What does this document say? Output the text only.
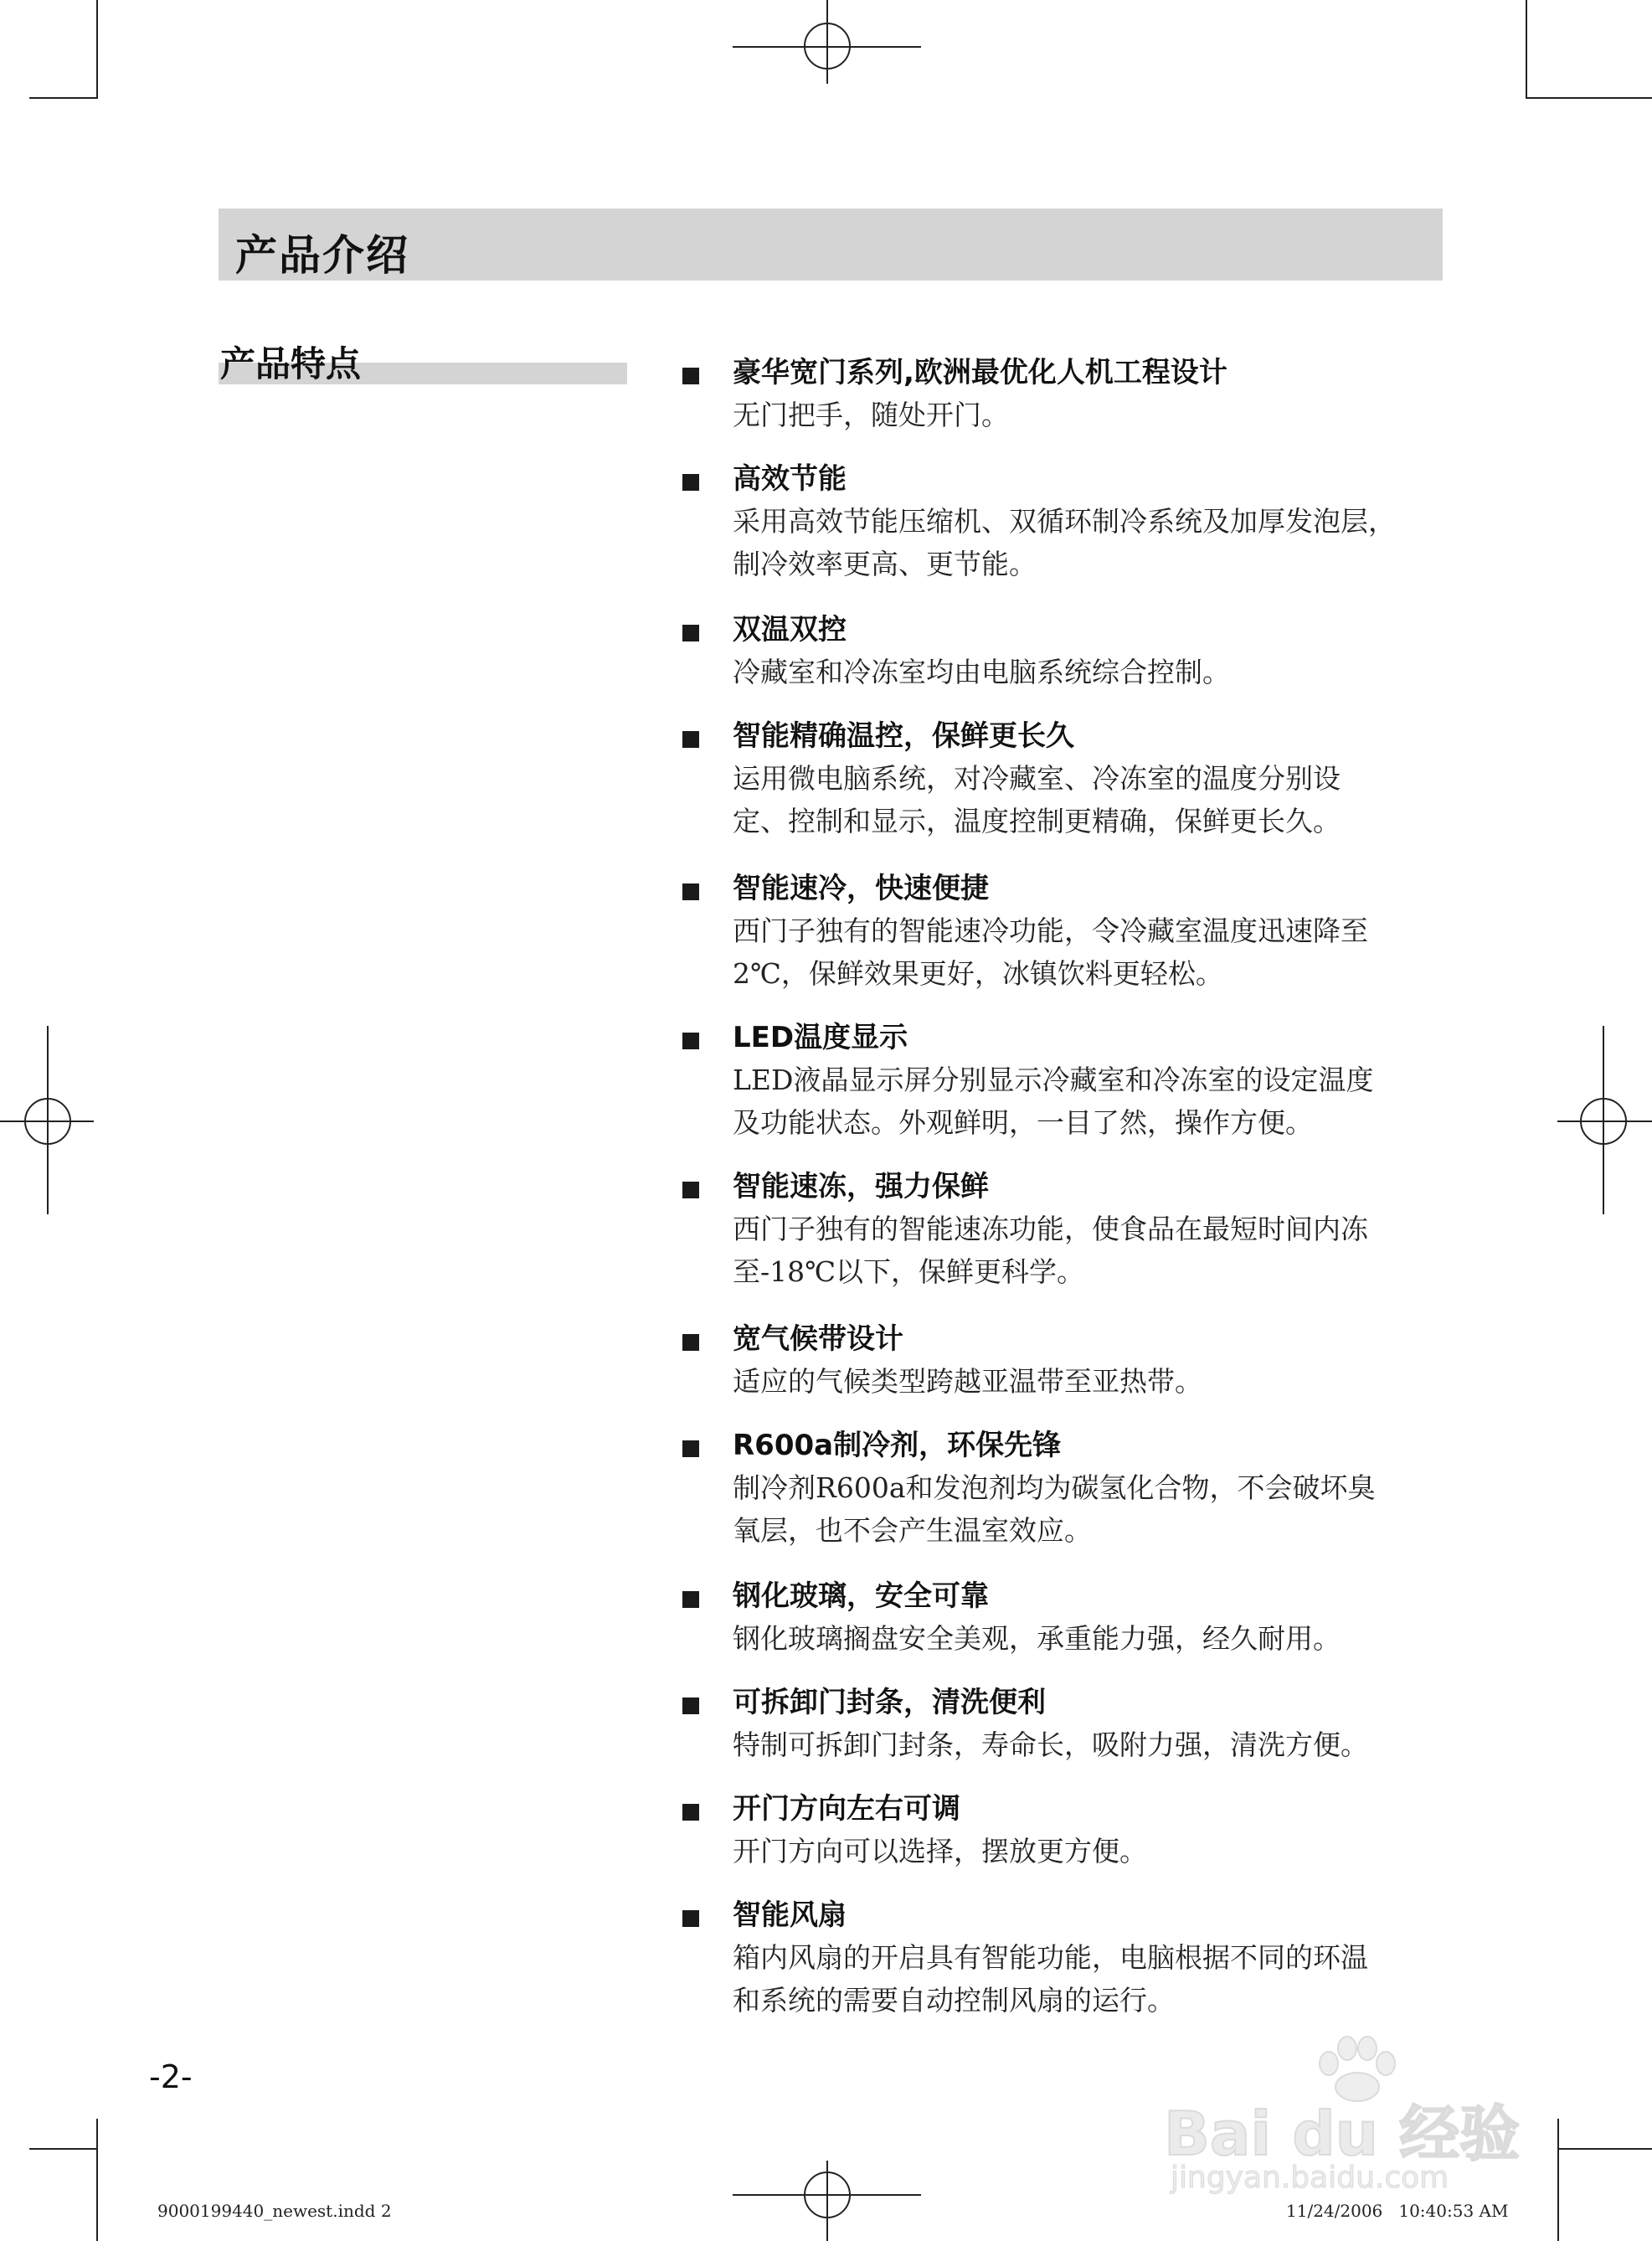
产品介绍
产品特点	豪华宽门系列,欧洲最优化人机工程设计
无门把手，随处开门。
高效节能
采用高效节能压缩机、双循环制冷系统及加厚发泡层，
制冷效率更高、更节能。
双温双控
冷藏室和冷冻室均由电脑系统综合控制。
智能精确温控，保鲜更长久
运用微电脑系统，对冷藏室、冷冻室的温度分别设
定、控制和显示，温度控制更精确，保鲜更长久。
智能速冷，快速便捷
西门子独有的智能速冷功能，令冷藏室温度迅速降至
2℃，保鲜效果更好，冰镇饮料更轻松。
LED温度显示
LED液晶显示屏分别显示冷藏室和冷冻室的设定温度
及功能状态。外观鲜明，一目了然，操作方便。
智能速冻，强力保鲜
西门子独有的智能速冻功能，使食品在最短时间内冻
至-18℃以下，保鲜更科学。
宽气候带设计
适应的气候类型跨越亚温带至亚热带。
R600a制冷剂，环保先锋
制冷剂R600a和发泡剂均为碳氢化合物，不会破坏臭
氧层，也不会产生温室效应。
钢化玻璃，安全可靠
钢化玻璃搁盘安全美观，承重能力强，经久耐用。
可拆卸门封条，清洗便利
特制可拆卸门封条，寿命长，吸附力强，清洗方便。
开门方向左右可调
开门方向可以选择，摆放更方便。
智能风扇
箱内风扇的开启具有智能功能，电脑根据不同的环温
和系统的需要自动控制风扇的运行。
-2-
9000199440_newest.indd 2	11/24/2006   10:40:53 AM
Bai du 经验
jingyan.baidu.com
